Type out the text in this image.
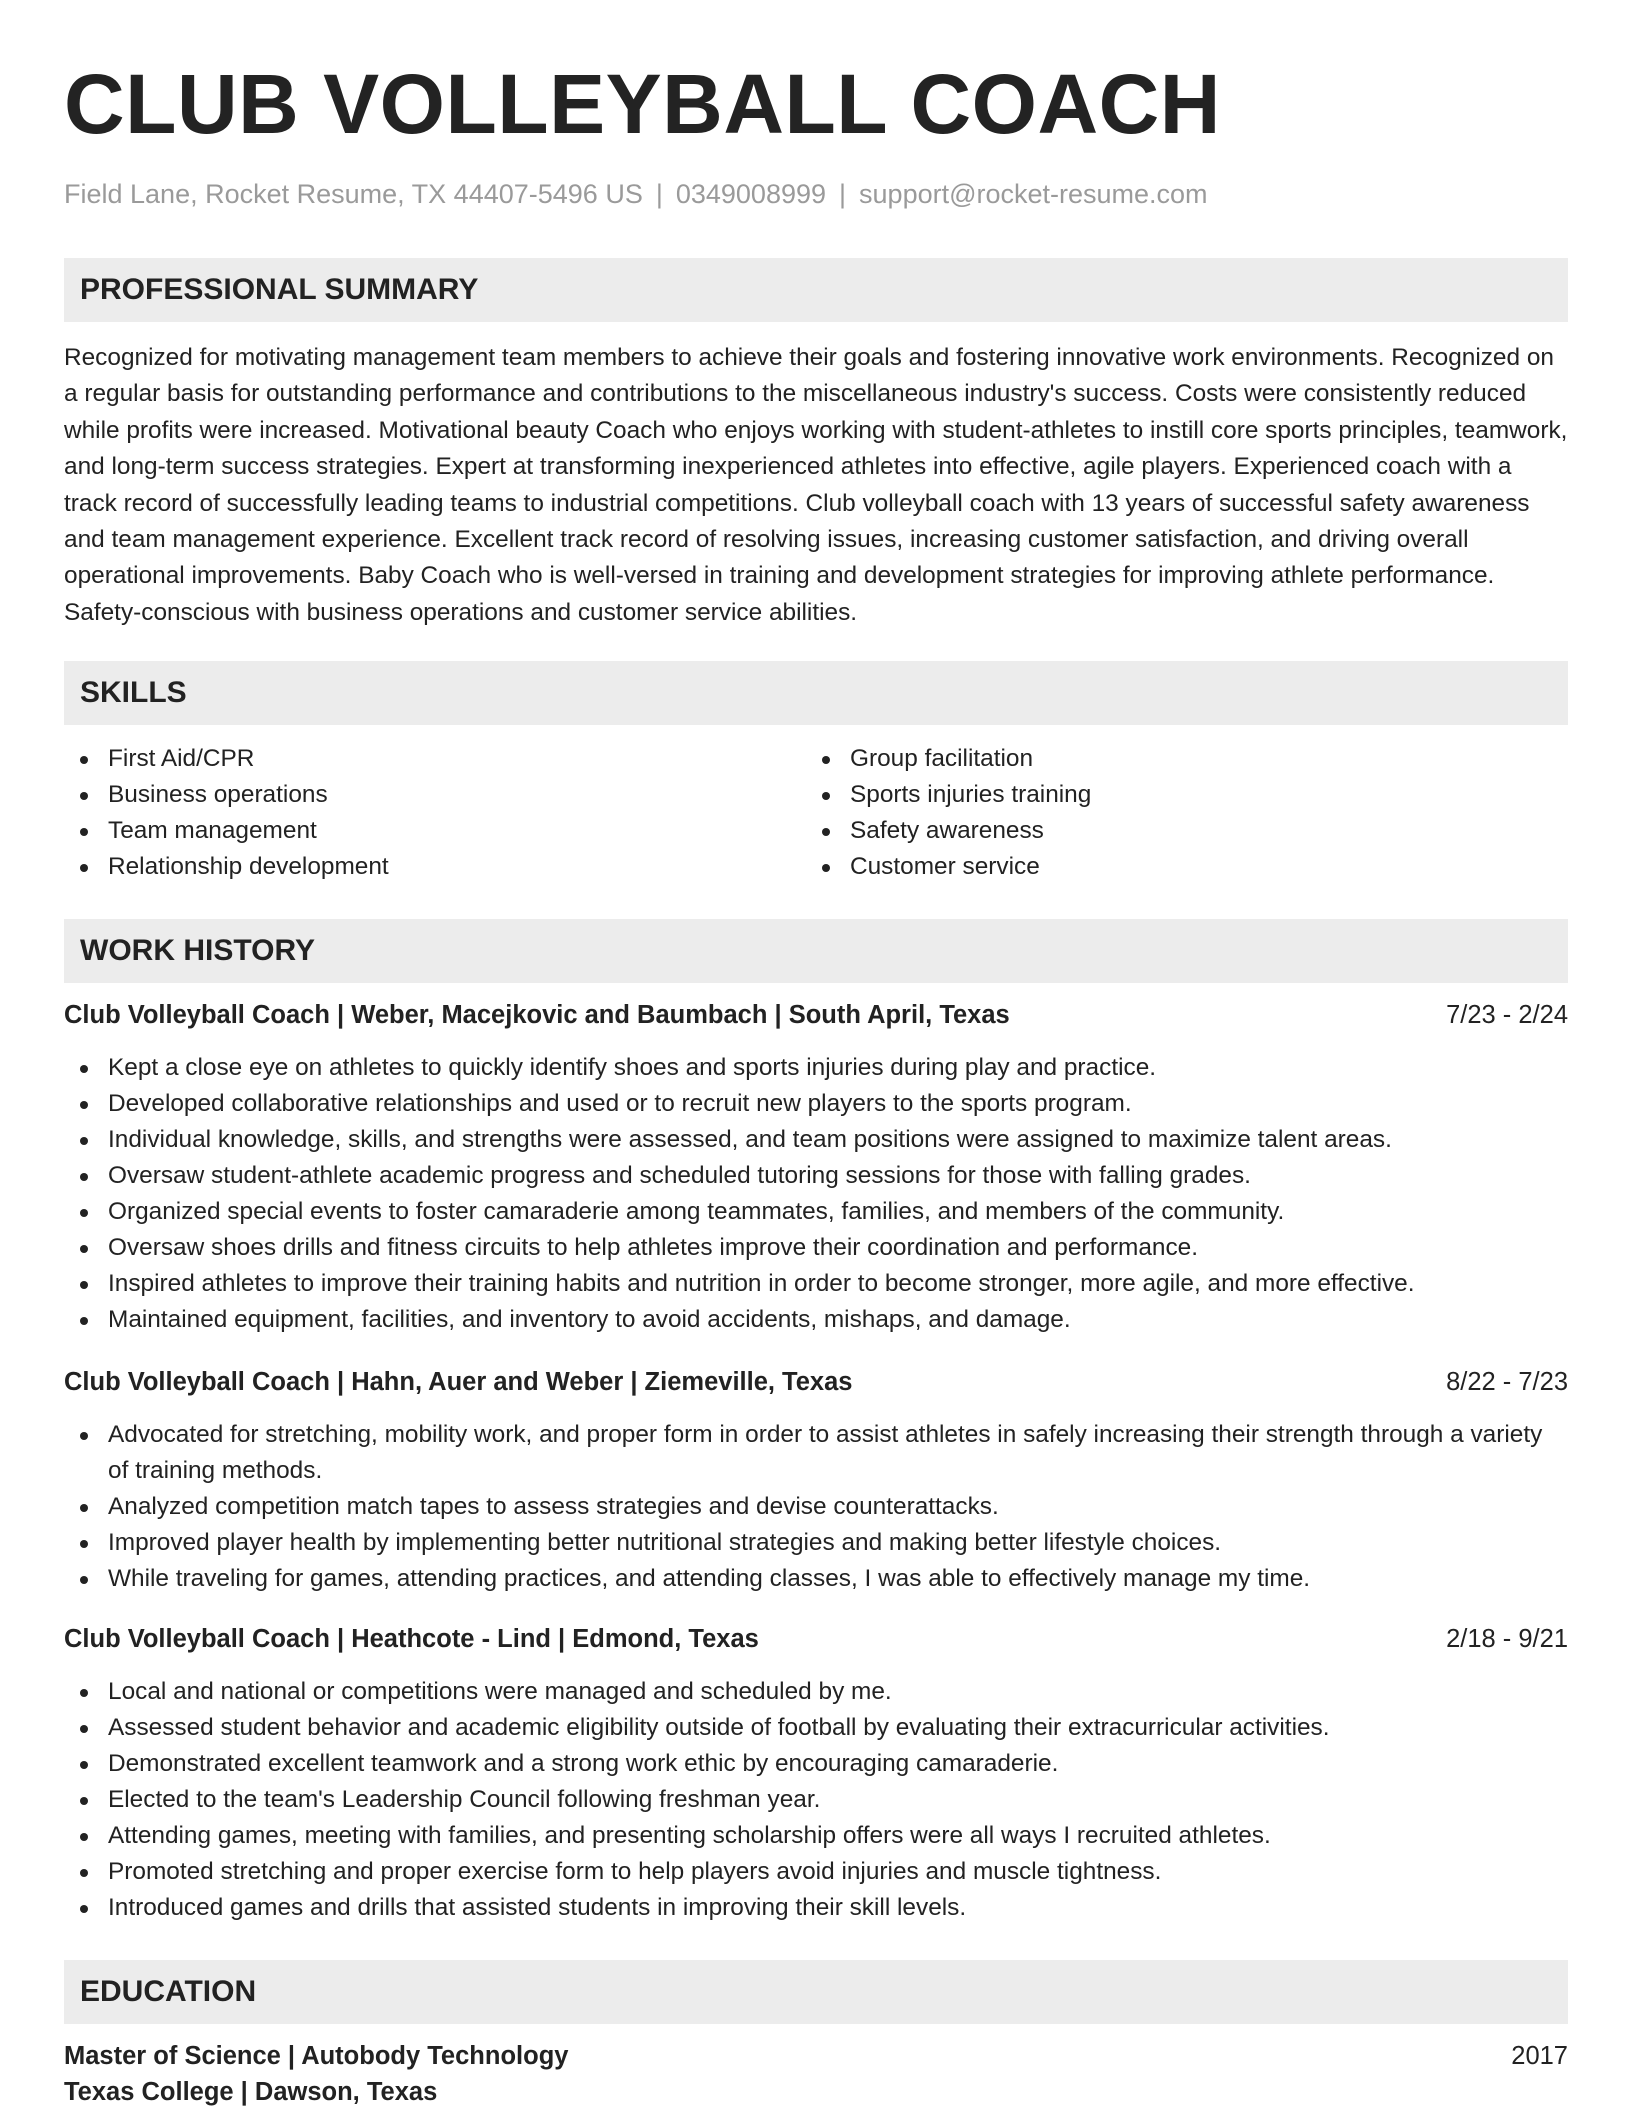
CLUB VOLLEYBALL COACH
Field Lane, Rocket Resume, TX 44407-5496 US | 0349008999 | support@rocket-resume.com
PROFESSIONAL SUMMARY

Recognized for motivating management team members to achieve their goals and fostering innovative work environments. Recognized on a regular basis for outstanding performance and contributions to the miscellaneous industry's success. Costs were consistently reduced while profits were increased. Motivational beauty Coach who enjoys working with student-athletes to instill core sports principles, teamwork, and long-term success strategies. Expert at transforming inexperienced athletes into effective, agile players. Experienced coach with a track record of successfully leading teams to industrial competitions. Club volleyball coach with 13 years of successful safety awareness and team management experience. Excellent track record of resolving issues, increasing customer satisfaction, and driving overall operational improvements. Baby Coach who is well-versed in training and development strategies for improving athlete performance. Safety-conscious with business operations and customer service abilities.

SKILLS
First Aid/CPR
Business operations
Team management
Relationship development
Group facilitation
Sports injuries training
Safety awareness
Customer service
WORK HISTORY
Club Volleyball Coach | Weber, Macejkovic and Baumbach | South April, Texas	7/23 - 2/24
Kept a close eye on athletes to quickly identify shoes and sports injuries during play and practice.
Developed collaborative relationships and used or to recruit new players to the sports program.
Individual knowledge, skills, and strengths were assessed, and team positions were assigned to maximize talent areas.
Oversaw student-athlete academic progress and scheduled tutoring sessions for those with falling grades.
Organized special events to foster camaraderie among teammates, families, and members of the community.
Oversaw shoes drills and fitness circuits to help athletes improve their coordination and performance.
Inspired athletes to improve their training habits and nutrition in order to become stronger, more agile, and more effective.
Maintained equipment, facilities, and inventory to avoid accidents, mishaps, and damage.
Club Volleyball Coach | Hahn, Auer and Weber | Ziemeville, Texas	8/22 - 7/23
Advocated for stretching, mobility work, and proper form in order to assist athletes in safely increasing their strength through a variety of training methods.
Analyzed competition match tapes to assess strategies and devise counterattacks.
Improved player health by implementing better nutritional strategies and making better lifestyle choices.
While traveling for games, attending practices, and attending classes, I was able to effectively manage my time.
Club Volleyball Coach | Heathcote - Lind | Edmond, Texas	2/18 - 9/21
Local and national or competitions were managed and scheduled by me.
Assessed student behavior and academic eligibility outside of football by evaluating their extracurricular activities.
Demonstrated excellent teamwork and a strong work ethic by encouraging camaraderie.
Elected to the team's Leadership Council following freshman year.
Attending games, meeting with families, and presenting scholarship offers were all ways I recruited athletes.
Promoted stretching and proper exercise form to help players avoid injuries and muscle tightness.
Introduced games and drills that assisted students in improving their skill levels.
EDUCATION
Master of Science | Autobody Technology	2017
Texas College | Dawson, Texas
